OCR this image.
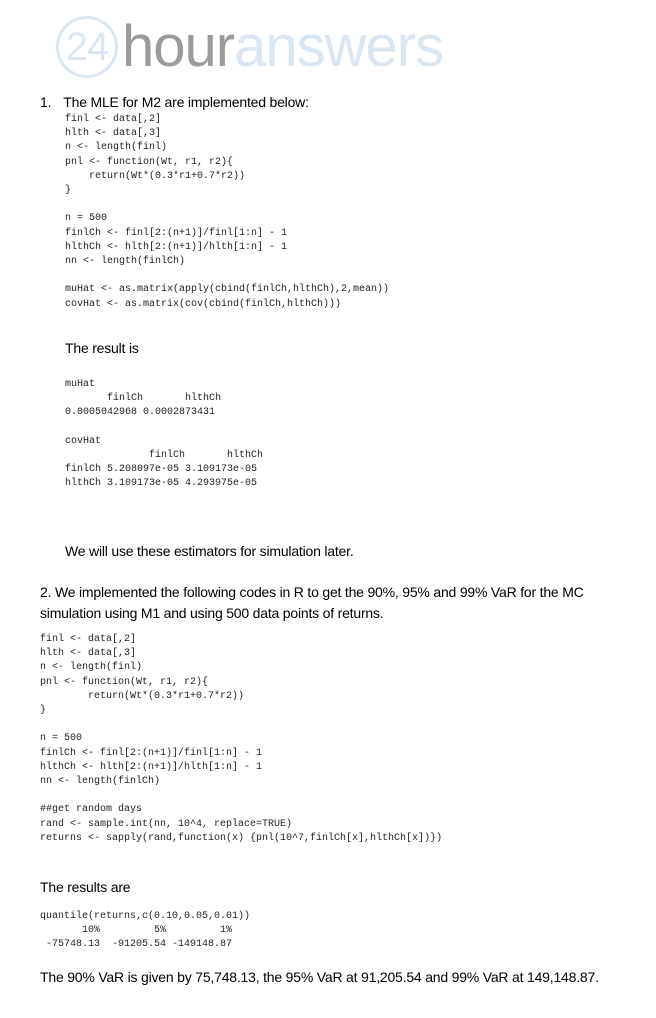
24 hour answers
1. The MLE for M2 are implemented below:
finl <- data[,2]
hlth <- data[,3]
n <- length(finl)
pnl <- function(Wt, r1, r2){
return(Wt*(0.3*r1+0.7*r2))
}

n = 500
finlCh <- finl[2:(n+1)]/finl[1:n] - 1
hlthCh <- hlth[2:(n+1)]/hlth[1:n] - 1
nn <- length(finlCh)

muHat <- as.matrix(apply(cbind(finlCh,hlthCh),2,mean))
covHat <- as.matrix(cov(cbind(finlCh,hlthCh)))
The result is
muHat
finlCh       hlthCh
0.0005042968 0.0002873431

covHat
finlCh       hlthCh
finlCh 5.208097e-05 3.109173e-05
hlthCh 3.109173e-05 4.293975e-05
We will use these estimators for simulation later.
2. We implemented the following codes in R to get the 90%, 95% and 99% VaR for the MC
simulation using M1 and using 500 data points of returns.
finl <- data[,2]
hlth <- data[,3]
n <- length(finl)
pnl <- function(Wt, r1, r2){
return(Wt*(0.3*r1+0.7*r2))
}

n = 500
finlCh <- finl[2:(n+1)]/finl[1:n] - 1
hlthCh <- hlth[2:(n+1)]/hlth[1:n] - 1
nn <- length(finlCh)

##get random days
rand <- sample.int(nn, 10^4, replace=TRUE)
returns <- sapply(rand,function(x) {pnl(10^7,finlCh[x],hlthCh[x])})
The results are
quantile(returns,c(0.10,0.05,0.01))
10%         5%         1%
-75748.13  -91205.54 -149148.87
The 90% VaR is given by 75,748.13, the 95% VaR at 91,205.54 and 99% VaR at 149,148.87.
